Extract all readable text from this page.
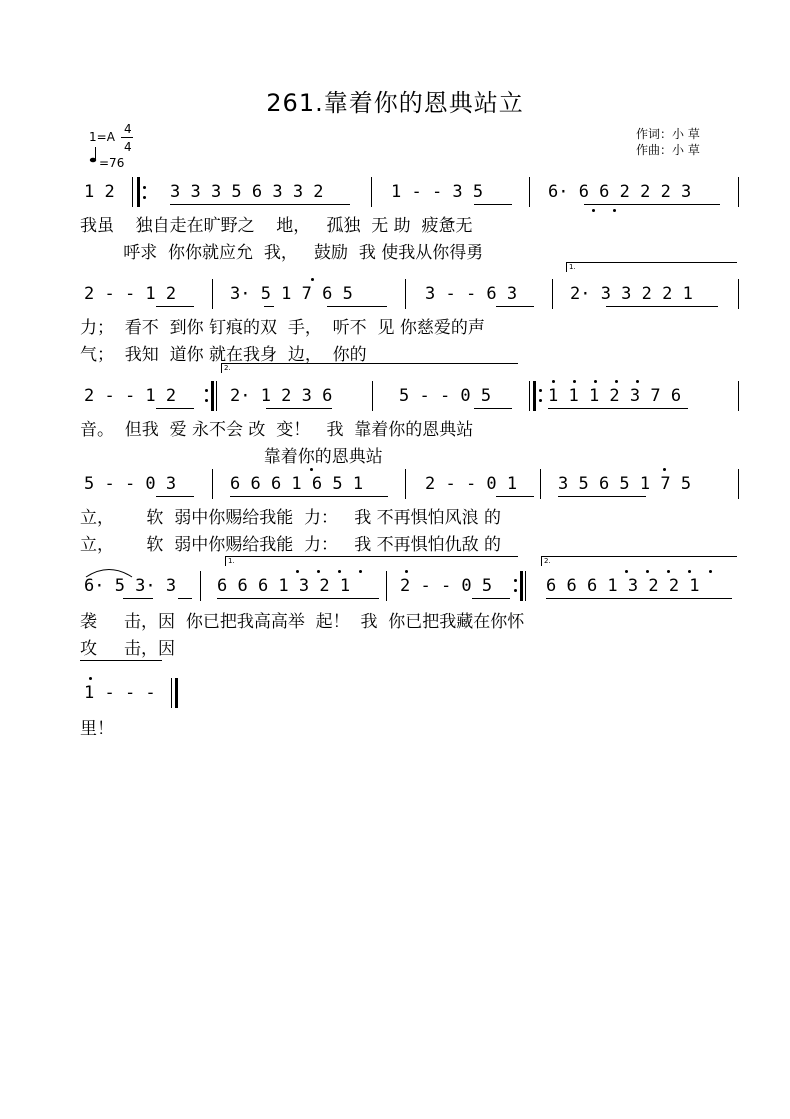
261.靠着你的恩典站立
1=A
4
4
=76
作词：小 草
作曲：小 草
1 2	3 3 3 5 6 3 3 2	1 - - 3 5	6· 6 6 2 2 2 3
我虽    独自走在旷野之    地，   孤独  无 助  疲惫无
呼求  你你就应允  我，   鼓励  我 使我从你得勇
1.
2 - - 1 2	3· 5 1 7 6 5	3 - - 6 3	2· 3 3 2 2 1
力；  看不  到你 钉痕的双  手，  听不  见 你慈爱的声
气；  我知  道你 就在我身  边，  你的
2.
2 - - 1 2	2· 1 2 3 6	5 - - 0 5	1 1 1 2 3 7 6
音。  但我  爱 永不会 改  变！   我  靠着你的恩典站
靠着你的恩典站
5 - - 0 3	6 6 6 1 6 5 1	2 - - 0 1 3 5 6 5 1 7 5
立，      软  弱中你赐给我能  力：   我 不再惧怕风浪 的
立，      软  弱中你赐给我能  力：   我 不再惧怕仇敌 的
1.	2.
6· 5 3· 3 6 6 6 1 3 2 1	2 - - 0 5	6 6 6 1 3 2 2 1
袭     击，因  你已把我高高举  起！  我  你已把我藏在你怀
攻     击，因
1 - - -
里！
